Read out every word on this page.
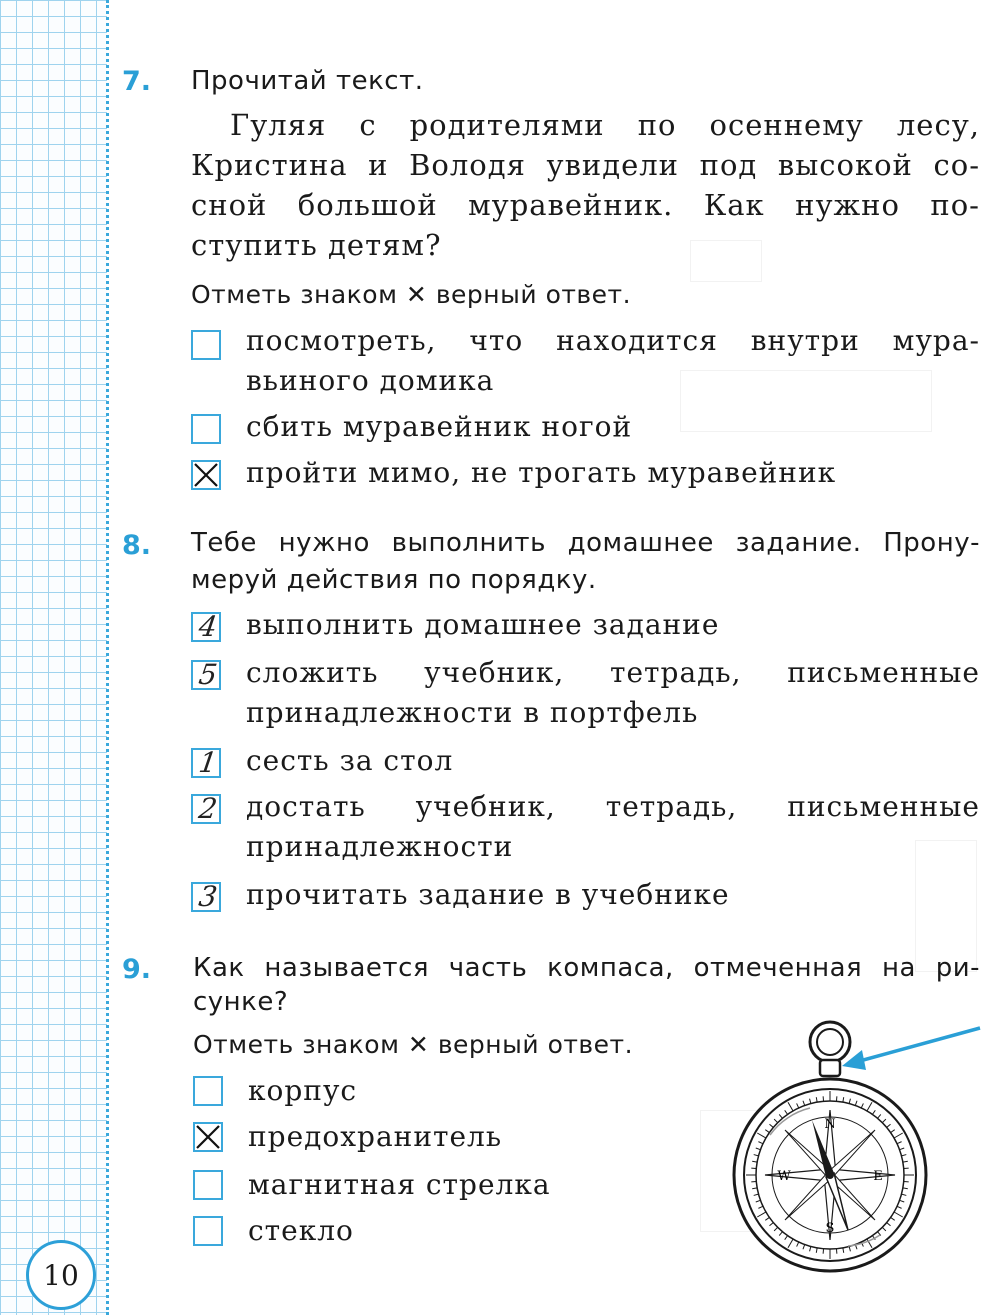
10
7. Прочитай текст.
Гуляя с родителями по осеннему лесу,
Кристина и Володя увидели под высокой со-
сной большой муравейник. Как нужно по-
ступить детям?
Отметь знаком ✕ верный ответ.
посмотреть, что находится внутри мура-
вьиного домика
сбить муравейник ногой
пройти мимо, не трогать муравейник
8. Тебе нужно выполнить домашнее задание. Прону-
меруй действия по порядку.
4 выполнить домашнее задание
5 сложить учебник, тетрадь, письменные
принадлежности в портфель
1 сесть за стол
2 достать учебник, тетрадь, письменные
принадлежности
3 прочитать задание в учебнике
9. Как называется часть компаса, отмеченная на ри-
сунке?
Отметь знаком ✕ верный ответ.
корпус
предохранитель
магнитная стрелка
стекло
N
S
E
W
